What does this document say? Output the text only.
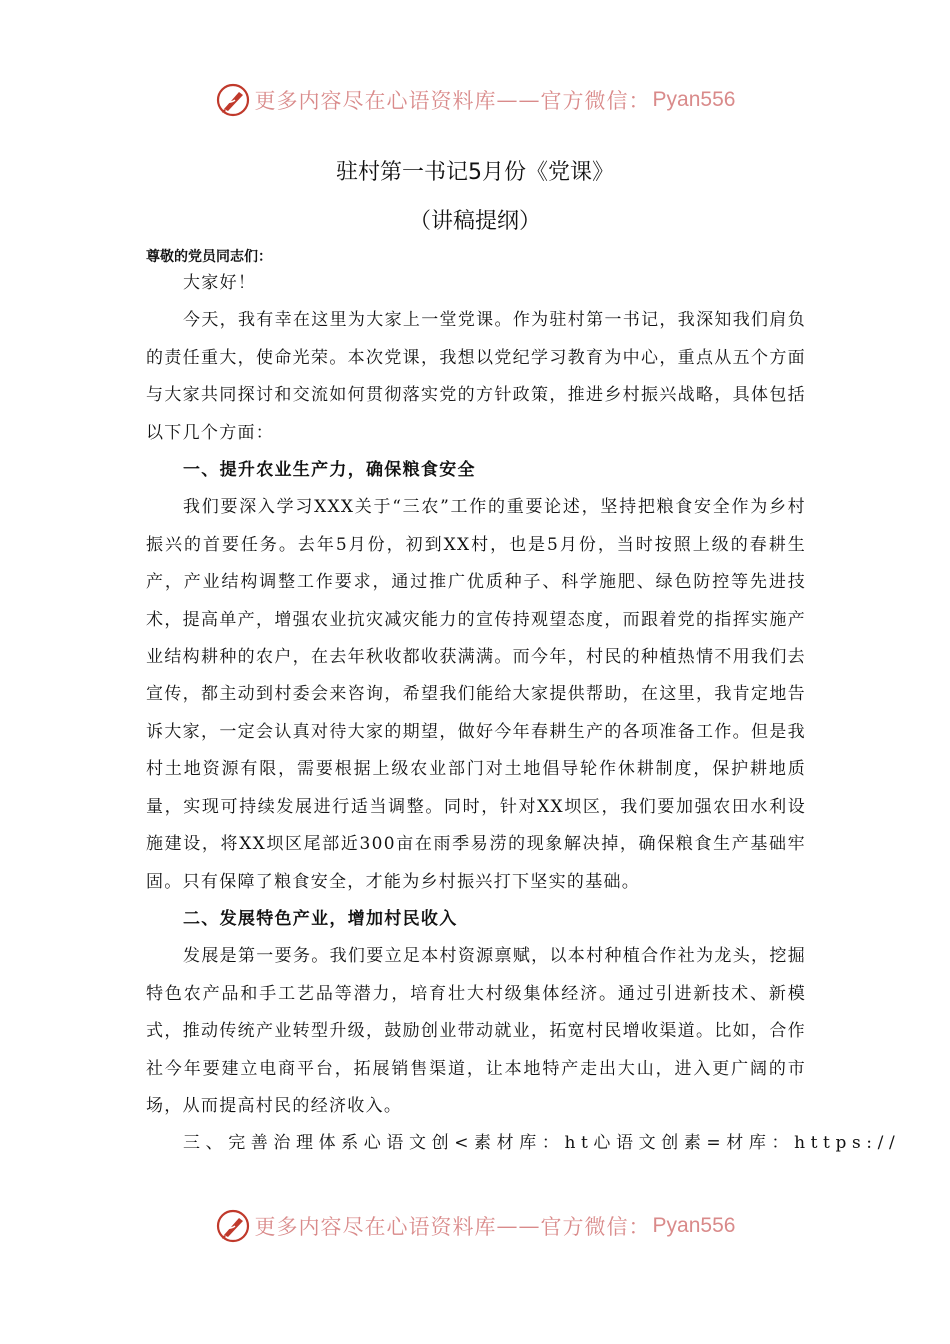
更多内容尽在心语资料库 —— 官方微信： Pyan556
驻村第一书记5月份《党课》
（讲稿提纲）
尊敬的党员同志们：

大家好！

今天，我有幸在这里为大家上一堂党课。作为驻村第一书记，我深知我们肩负的责任重大，使命光荣。本次党课，我想以党纪学习教育为中心，重点从五个方面与大家共同探讨和交流如何贯彻落实党的方针政策，推进乡村振兴战略，具体包括以下几个方面：

一、提升农业生产力，确保粮食安全

我们要深入学习XXX关于“三农”工作的重要论述，坚持把粮食安全作为乡村振兴的首要任务。去年5月份，初到XX村，也是5月份，当时按照上级的春耕生产，产业结构调整工作要求，通过推广优质种子、科学施肥、绿色防控等先进技术，提高单产，增强农业抗灾减灾能力的宣传持观望态度，而跟着党的指挥实施产业结构耕种的农户，在去年秋收都收获满满。而今年，村民的种植热情不用我们去宣传，都主动到村委会来咨询，希望我们能给大家提供帮助，在这里，我肯定地告诉大家，一定会认真对待大家的期望，做好今年春耕生产的各项准备工作。但是我村土地资源有限，需要根据上级农业部门对土地倡导轮作休耕制度，保护耕地质量，实现可持续发展进行适当调整。同时，针对XX坝区，我们要加强农田水利设施建设，将XX坝区尾部近300亩在雨季易涝的现象解决掉，确保粮食生产基础牢固。只有保障了粮食安全，才能为乡村振兴打下坚实的基础。

二、发展特色产业，增加村民收入

发展是第一要务。我们要立足本村资源禀赋，以本村种植合作社为龙头，挖掘特色农产品和手工艺品等潜力，培育壮大村级集体经济。通过引进新技术、新模式，推动传统产业转型升级，鼓励创业带动就业，拓宽村民增收渠道。比如，合作社今年要建立电商平台，拓展销售渠道，让本地特产走出大山，进入更广阔的市场，从而提高村民的经济收入。

三、完善治理体系心语文创<素材库：ht心语文创素=材库：https://

更多内容尽在心语资料库 —— 官方微信： Pyan556
